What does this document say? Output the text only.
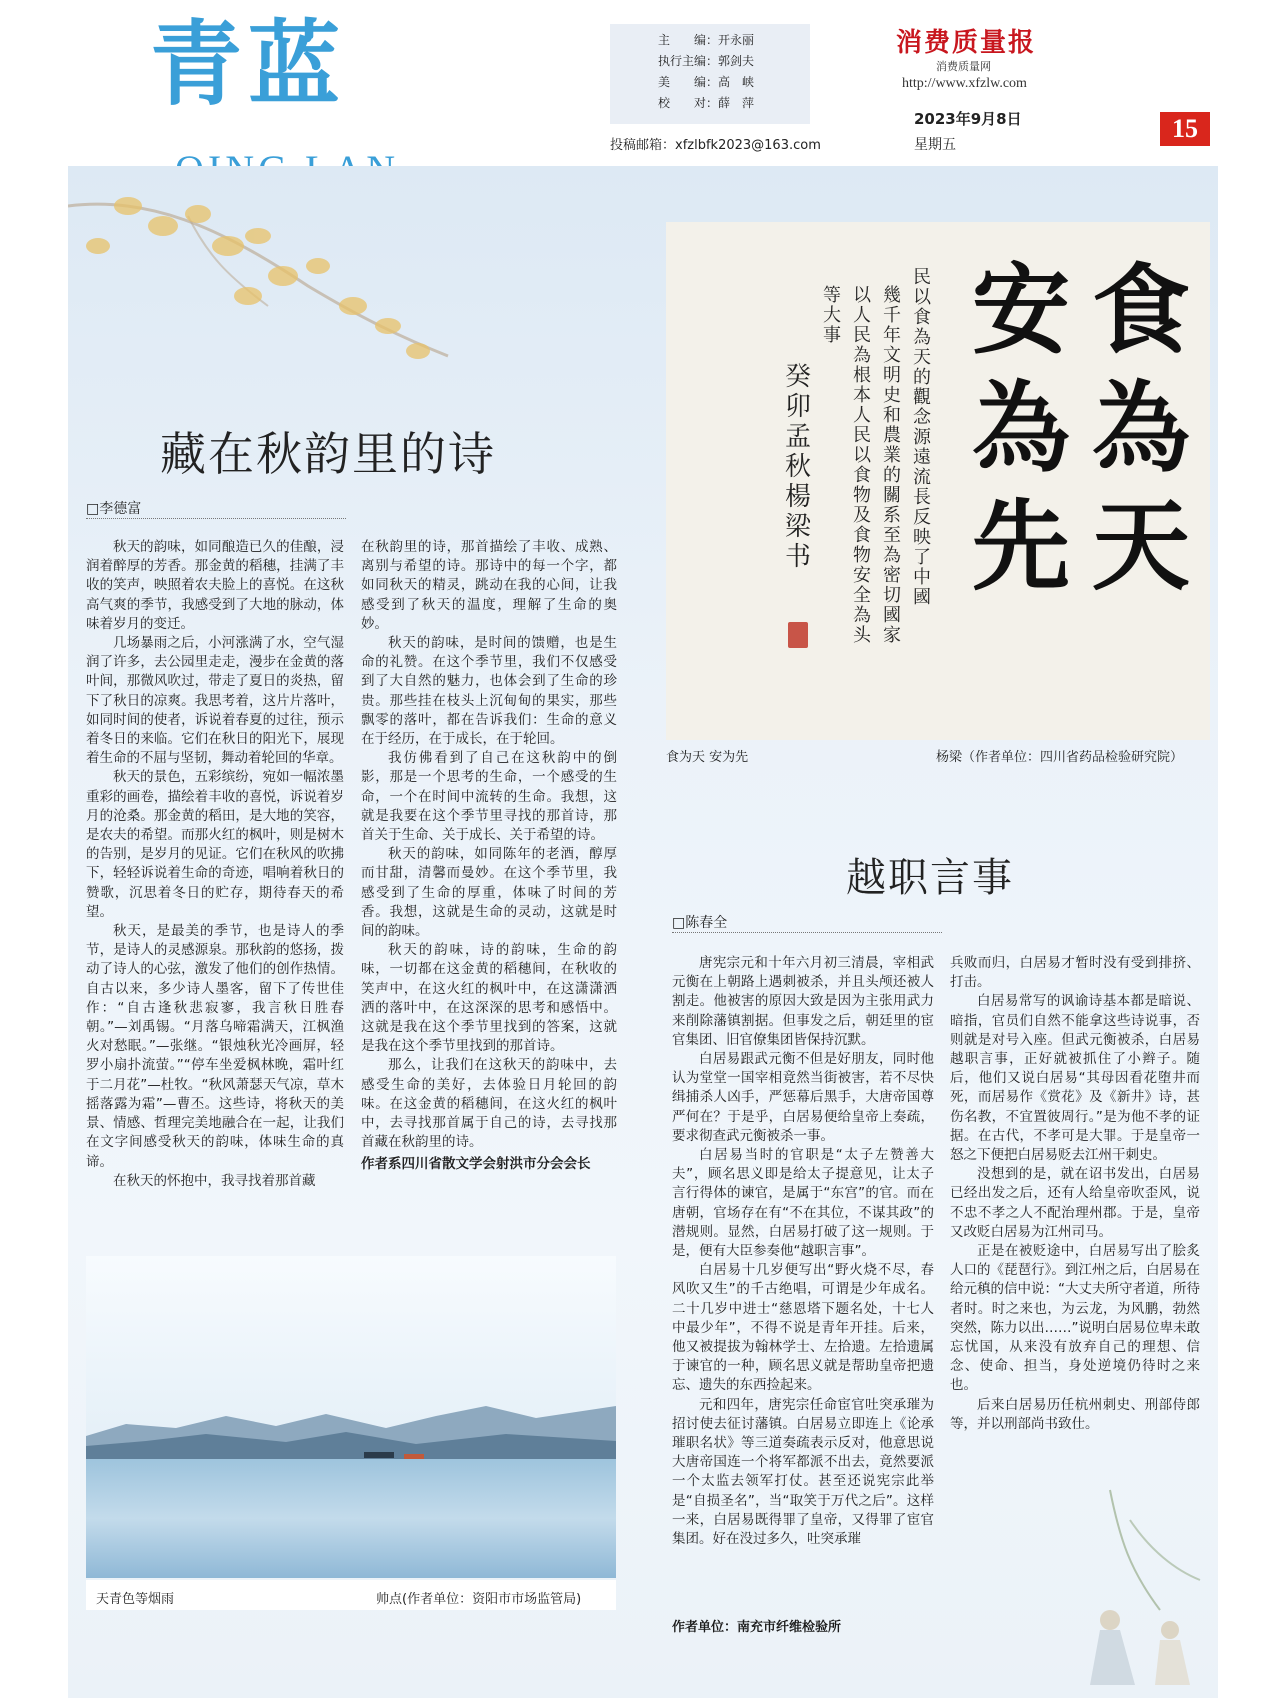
青蓝	主　　编：开永丽
执行主编：郭剑夫
美　　编：高　峡
校　　对：薛　萍
投稿邮箱：xfzlbfk2023@163.com
消费质量报
消费质量网
http://www.xfzlw.com
2023年9月8日
星期五
15
藏在秋韵里的诗
□李德富

秋天的韵味，如同酿造已久的佳酿，浸润着醉厚的芳香。那金黄的稻穗，挂满了丰收的笑声，映照着农夫脸上的喜悦。在这秋高气爽的季节，我感受到了大地的脉动，体味着岁月的变迁。

几场暴雨之后，小河涨满了水，空气湿润了许多，去公园里走走，漫步在金黄的落叶间，那微风吹过，带走了夏日的炎热，留下了秋日的凉爽。我思考着，这片片落叶，如同时间的使者，诉说着春夏的过往，预示着冬日的来临。它们在秋日的阳光下，展现着生命的不屈与坚韧，舞动着轮回的华章。

秋天的景色，五彩缤纷，宛如一幅浓墨重彩的画卷，描绘着丰收的喜悦，诉说着岁月的沧桑。那金黄的稻田，是大地的笑容，是农夫的希望。而那火红的枫叶，则是树木的告别，是岁月的见证。它们在秋风的吹拂下，轻轻诉说着生命的奇迹，唱响着秋日的赞歌，沉思着冬日的贮存，期待春天的希望。

秋天，是最美的季节，也是诗人的季节，是诗人的灵感源泉。那秋韵的悠扬，拨动了诗人的心弦，激发了他们的创作热情。自古以来，多少诗人墨客，留下了传世佳作：“自古逢秋悲寂寥，我言秋日胜春朝。”—刘禹锡。“月落乌啼霜满天，江枫渔火对愁眠。”—张继。“银烛秋光冷画屏，轻罗小扇扑流萤。”“停车坐爱枫林晚，霜叶红于二月花”—杜牧。“秋风萧瑟天气凉，草木摇落露为霜”—曹丕。这些诗，将秋天的美景、情感、哲理完美地融合在一起，让我们在文字间感受秋天的韵味，体味生命的真谛。

在秋天的怀抱中，我寻找着那首藏

在秋韵里的诗，那首描绘了丰收、成熟、离别与希望的诗。那诗中的每一个字，都如同秋天的精灵，跳动在我的心间，让我感受到了秋天的温度，理解了生命的奥妙。

秋天的韵味，是时间的馈赠，也是生命的礼赞。在这个季节里，我们不仅感受到了大自然的魅力，也体会到了生命的珍贵。那些挂在枝头上沉甸甸的果实，那些飘零的落叶，都在告诉我们：生命的意义在于经历，在于成长，在于轮回。

我仿佛看到了自己在这秋韵中的倒影，那是一个思考的生命，一个感受的生命，一个在时间中流转的生命。我想，这就是我要在这个季节里寻找的那首诗，那首关于生命、关于成长、关于希望的诗。

秋天的韵味，如同陈年的老酒，醇厚而甘甜，清馨而曼妙。在这个季节里，我感受到了生命的厚重，体味了时间的芳香。我想，这就是生命的灵动，这就是时间的韵味。

秋天的韵味，诗的韵味，生命的韵味，一切都在这金黄的稻穗间，在秋收的笑声中，在这火红的枫叶中，在这潇潇洒洒的落叶中，在这深深的思考和感悟中。这就是我在这个季节里找到的答案，这就是我在这个季节里找到的那首诗。

那么，让我们在这秋天的韵味中，去感受生命的美好，去体验日月轮回的韵味。在这金黄的稻穗间，在这火红的枫叶中，去寻找那首属于自己的诗，去寻找那首藏在秋韵里的诗。

作者系四川省散文学会射洪市分会会长
食為天
安為先
民以食為天的觀念源遠流長反映了中國
幾千年文明史和農業的關系至為密切國家
以人民為根本人民以食物及食物安全為头
等大事
癸卯孟秋楊梁书
食为天 安为先	杨梁（作者单位：四川省药品检验研究院）
越职言事
□陈春全

唐宪宗元和十年六月初三清晨，宰相武元衡在上朝路上遇刺被杀，并且头颅还被人割走。他被害的原因大致是因为主张用武力来削除藩镇割据。但事发之后，朝廷里的宦官集团、旧官僚集团皆保持沉默。

白居易跟武元衡不但是好朋友，同时他认为堂堂一国宰相竟然当街被害，若不尽快缉捕杀人凶手，严惩幕后黑手，大唐帝国尊严何在？于是乎，白居易便给皇帝上奏疏，要求彻查武元衡被杀一事。

白居易当时的官职是“太子左赞善大夫”，顾名思义即是给太子提意见，让太子言行得体的谏官，是属于“东宫”的官。而在唐朝，官场存在有“不在其位，不谋其政”的潜规则。显然，白居易打破了这一规则。于是，便有大臣参奏他“越职言事”。

白居易十几岁便写出“野火烧不尽，春风吹又生”的千古绝唱，可谓是少年成名。二十几岁中进士“慈恩塔下题名处，十七人中最少年”，不得不说是青年开挂。后来，他又被提拔为翰林学士、左拾遗。左拾遗属于谏官的一种，顾名思义就是帮助皇帝把遗忘、遗失的东西捡起来。

元和四年，唐宪宗任命宦官吐突承璀为招讨使去征讨藩镇。白居易立即连上《论承璀职名状》等三道奏疏表示反对，他意思说大唐帝国连一个将军都派不出去，竟然要派一个太监去领军打仗。甚至还说宪宗此举是“自损圣名”，当“取笑于万代之后”。这样一来，白居易既得罪了皇帝，又得罪了宦官集团。好在没过多久，吐突承璀

兵败而归，白居易才暂时没有受到排挤、打击。

白居易常写的讽谕诗基本都是暗说、暗指，官员们自然不能拿这些诗说事，否则就是对号入座。但武元衡被杀，白居易越职言事，正好就被抓住了小辫子。随后，他们又说白居易“其母因看花堕井而死，而居易作《赏花》及《新井》诗，甚伤名教，不宜置彼周行。”是为他不孝的证据。在古代，不孝可是大罪。于是皇帝一怒之下便把白居易贬去江州干刺史。

没想到的是，就在诏书发出，白居易已经出发之后，还有人给皇帝吹歪风，说不忠不孝之人不配治理州郡。于是，皇帝又改贬白居易为江州司马。

正是在被贬途中，白居易写出了脍炙人口的《琵琶行》。到江州之后，白居易在给元稹的信中说：“大丈夫所守者道，所待者时。时之来也，为云龙，为风鹏，勃然突然，陈力以出……”说明白居易位卑未敢忘忧国，从来没有放弃自己的理想、信念、使命、担当，身处逆境仍待时之来也。

后来白居易历任杭州刺史、刑部侍郎等，并以刑部尚书致仕。

作者单位：南充市纤维检验所
天青色等烟雨	帅点(作者单位：资阳市市场监管局)
